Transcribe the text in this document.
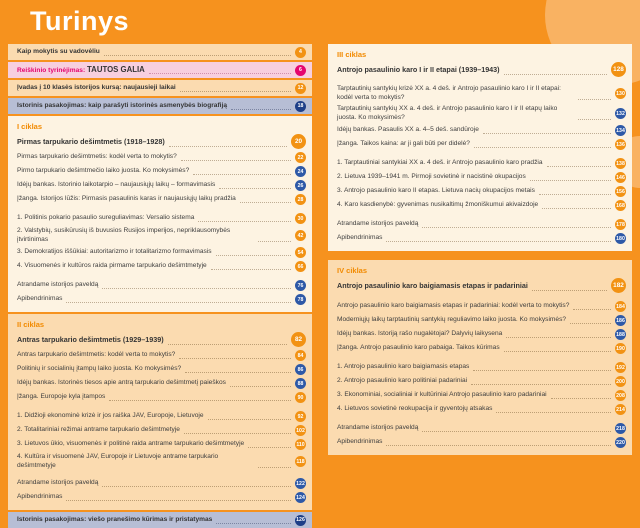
Turinys
Kaip mokytis su vadovėliu	4
Reiškinio tyrinėjimas: TAUTOS GALIA	6
Įvadas į 10 klasės istorijos kursą: naujausieji laikai	12
Istorinis pasakojimas: kaip parašyti istorinės asmenybės biografiją	18
I ciklas
Pirmas tarpukario dešimtmetis (1918–1928)	20
Pirmas tarpukario dešimtmetis: kodėl verta to mokytis?	22
Pirmo tarpukario dešimtmečio laiko juosta. Ko mokysimės?	24
Idėjų bankas. Istorinio laikotarpio – naujausiųjų laikų – formavimasis	26
Įžanga. Istorijos lūžis: Pirmasis pasaulinis karas ir naujausiųjų laikų pradžia	28
1. Politinis pokario pasaulio sureguliavimas: Versalio sistema	30
2. Valstybių, susikūrusių iš buvusios Rusijos imperijos, nepriklausomybės įtvirtinimas	42
3. Demokratijos iššūkiai: autoritarizmo ir totalitarizmo formavimasis	54
4. Visuomenės ir kultūros raida pirmame tarpukario dešimtmetyje	66
Atrandame istorijos paveldą	76
Apibendrinimas	78
II ciklas
Antras tarpukario dešimtmetis (1929–1939)	82
Antras tarpukario dešimtmetis: kodėl verta to mokytis?	84
Politinių ir socialinių įtampų laiko juosta. Ko mokysimės?	86
Idėjų bankas. Istorinės tiesos apie antrą tarpukario dešimtmetį paieškos	88
Įžanga. Europoje kyla įtampos	90
1. Didžioji ekonominė krizė ir jos raiška JAV, Europoje, Lietuvoje	92
2. Totalitariniai režimai antrame tarpukario dešimtmetyje	102
3. Lietuvos ūkio, visuomenės ir politinė raida antrame tarpukario dešimtmetyje	110
4. Kultūra ir visuomenė JAV, Europoje ir Lietuvoje antrame tarpukario dešimtmetyje	118
Atrandame istorijos paveldą	122
Apibendrinimas	124
Istorinis pasakojimas: viešo pranešimo kūrimas ir pristatymas	126
III ciklas
Antrojo pasaulinio karo I ir II etapai (1939–1943)	128
Tarptautinių santykių krizė XX a. 4 deš. ir Antrojo pasaulinio karo I ir II etapai: kodėl verta to mokytis?	130
Tarptautinių santykių XX a. 4 deš. ir Antrojo pasaulinio karo I ir II etapų laiko juosta. Ko mokysimės?	132
Idėjų bankas. Pasaulis XX a. 4–5 deš. sandūroje	134
Įžanga. Taikos kaina: ar ji gali būti per didelė?	136
1. Tarptautiniai santykiai XX a. 4 deš. ir Antrojo pasaulinio karo pradžia	138
2. Lietuva 1939–1941 m. Pirmoji sovietinė ir nacistinė okupacijos	146
3. Antrojo pasaulinio karo II etapas. Lietuva nacių okupacijos metais	156
4. Karo kasdienybė: gyvenimas nusikaltimų žmoniškumui akivaizdoje	168
Atrandame istorijos paveldą	178
Apibendrinimas	180
IV ciklas
Antrojo pasaulinio karo baigiamasis etapas ir padariniai	182
Antrojo pasaulinio karo baigiamasis etapas ir padariniai: kodėl verta to mokytis?	184
Moderniųjų laikų tarptautinių santykių reguliavimo laiko juosta. Ko mokysimės?	186
Idėjų bankas. Istoriją rašo nugalėtojai? Dalyvių laikysena	188
Įžanga. Antrojo pasaulinio karo pabaiga. Taikos kūrimas	190
1. Antrojo pasaulinio karo baigiamasis etapas	192
2. Antrojo pasaulinio karo politiniai padariniai	200
3. Ekonominiai, socialiniai ir kultūriniai Antrojo pasaulinio karo padariniai	208
4. Lietuvos sovietinė reokupacija ir gyventojų atsakas	214
Atrandame istorijos paveldą	218
Apibendrinimas	220
